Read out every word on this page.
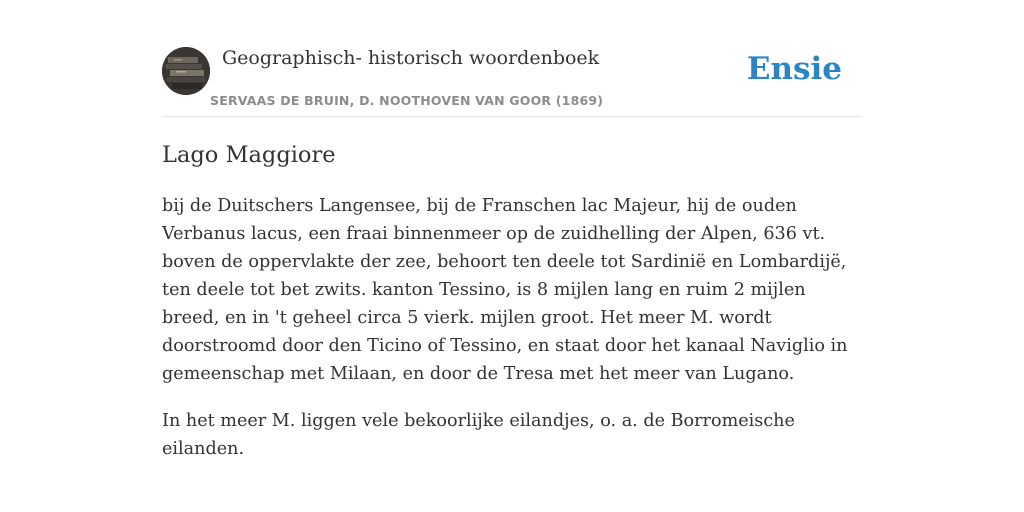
Geographisch- historisch woordenboek
SERVAAS DE BRUIN, D. NOOTHOVEN VAN GOOR (1869)
Ensie
Lago Maggiore

bij de Duitschers Langensee, bij de Franschen lac Majeur, hij de ouden Verbanus lacus, een fraai binnenmeer op de zuidhelling der Alpen, 636 vt. boven de oppervlakte der zee, behoort ten deele tot Sardinië en Lombardijë, ten deele tot bet zwits. kanton Tessino, is 8 mijlen lang en ruim 2 mijlen breed, en in 't geheel circa 5 vierk. mijlen groot. Het meer M. wordt doorstroomd door den Ticino of Tessino, en staat door het kanaal Naviglio in gemeenschap met Milaan, en door de Tresa met het meer van Lugano.

In het meer M. liggen vele bekoorlijke eilandjes, o. a. de Borromeische eilanden.
